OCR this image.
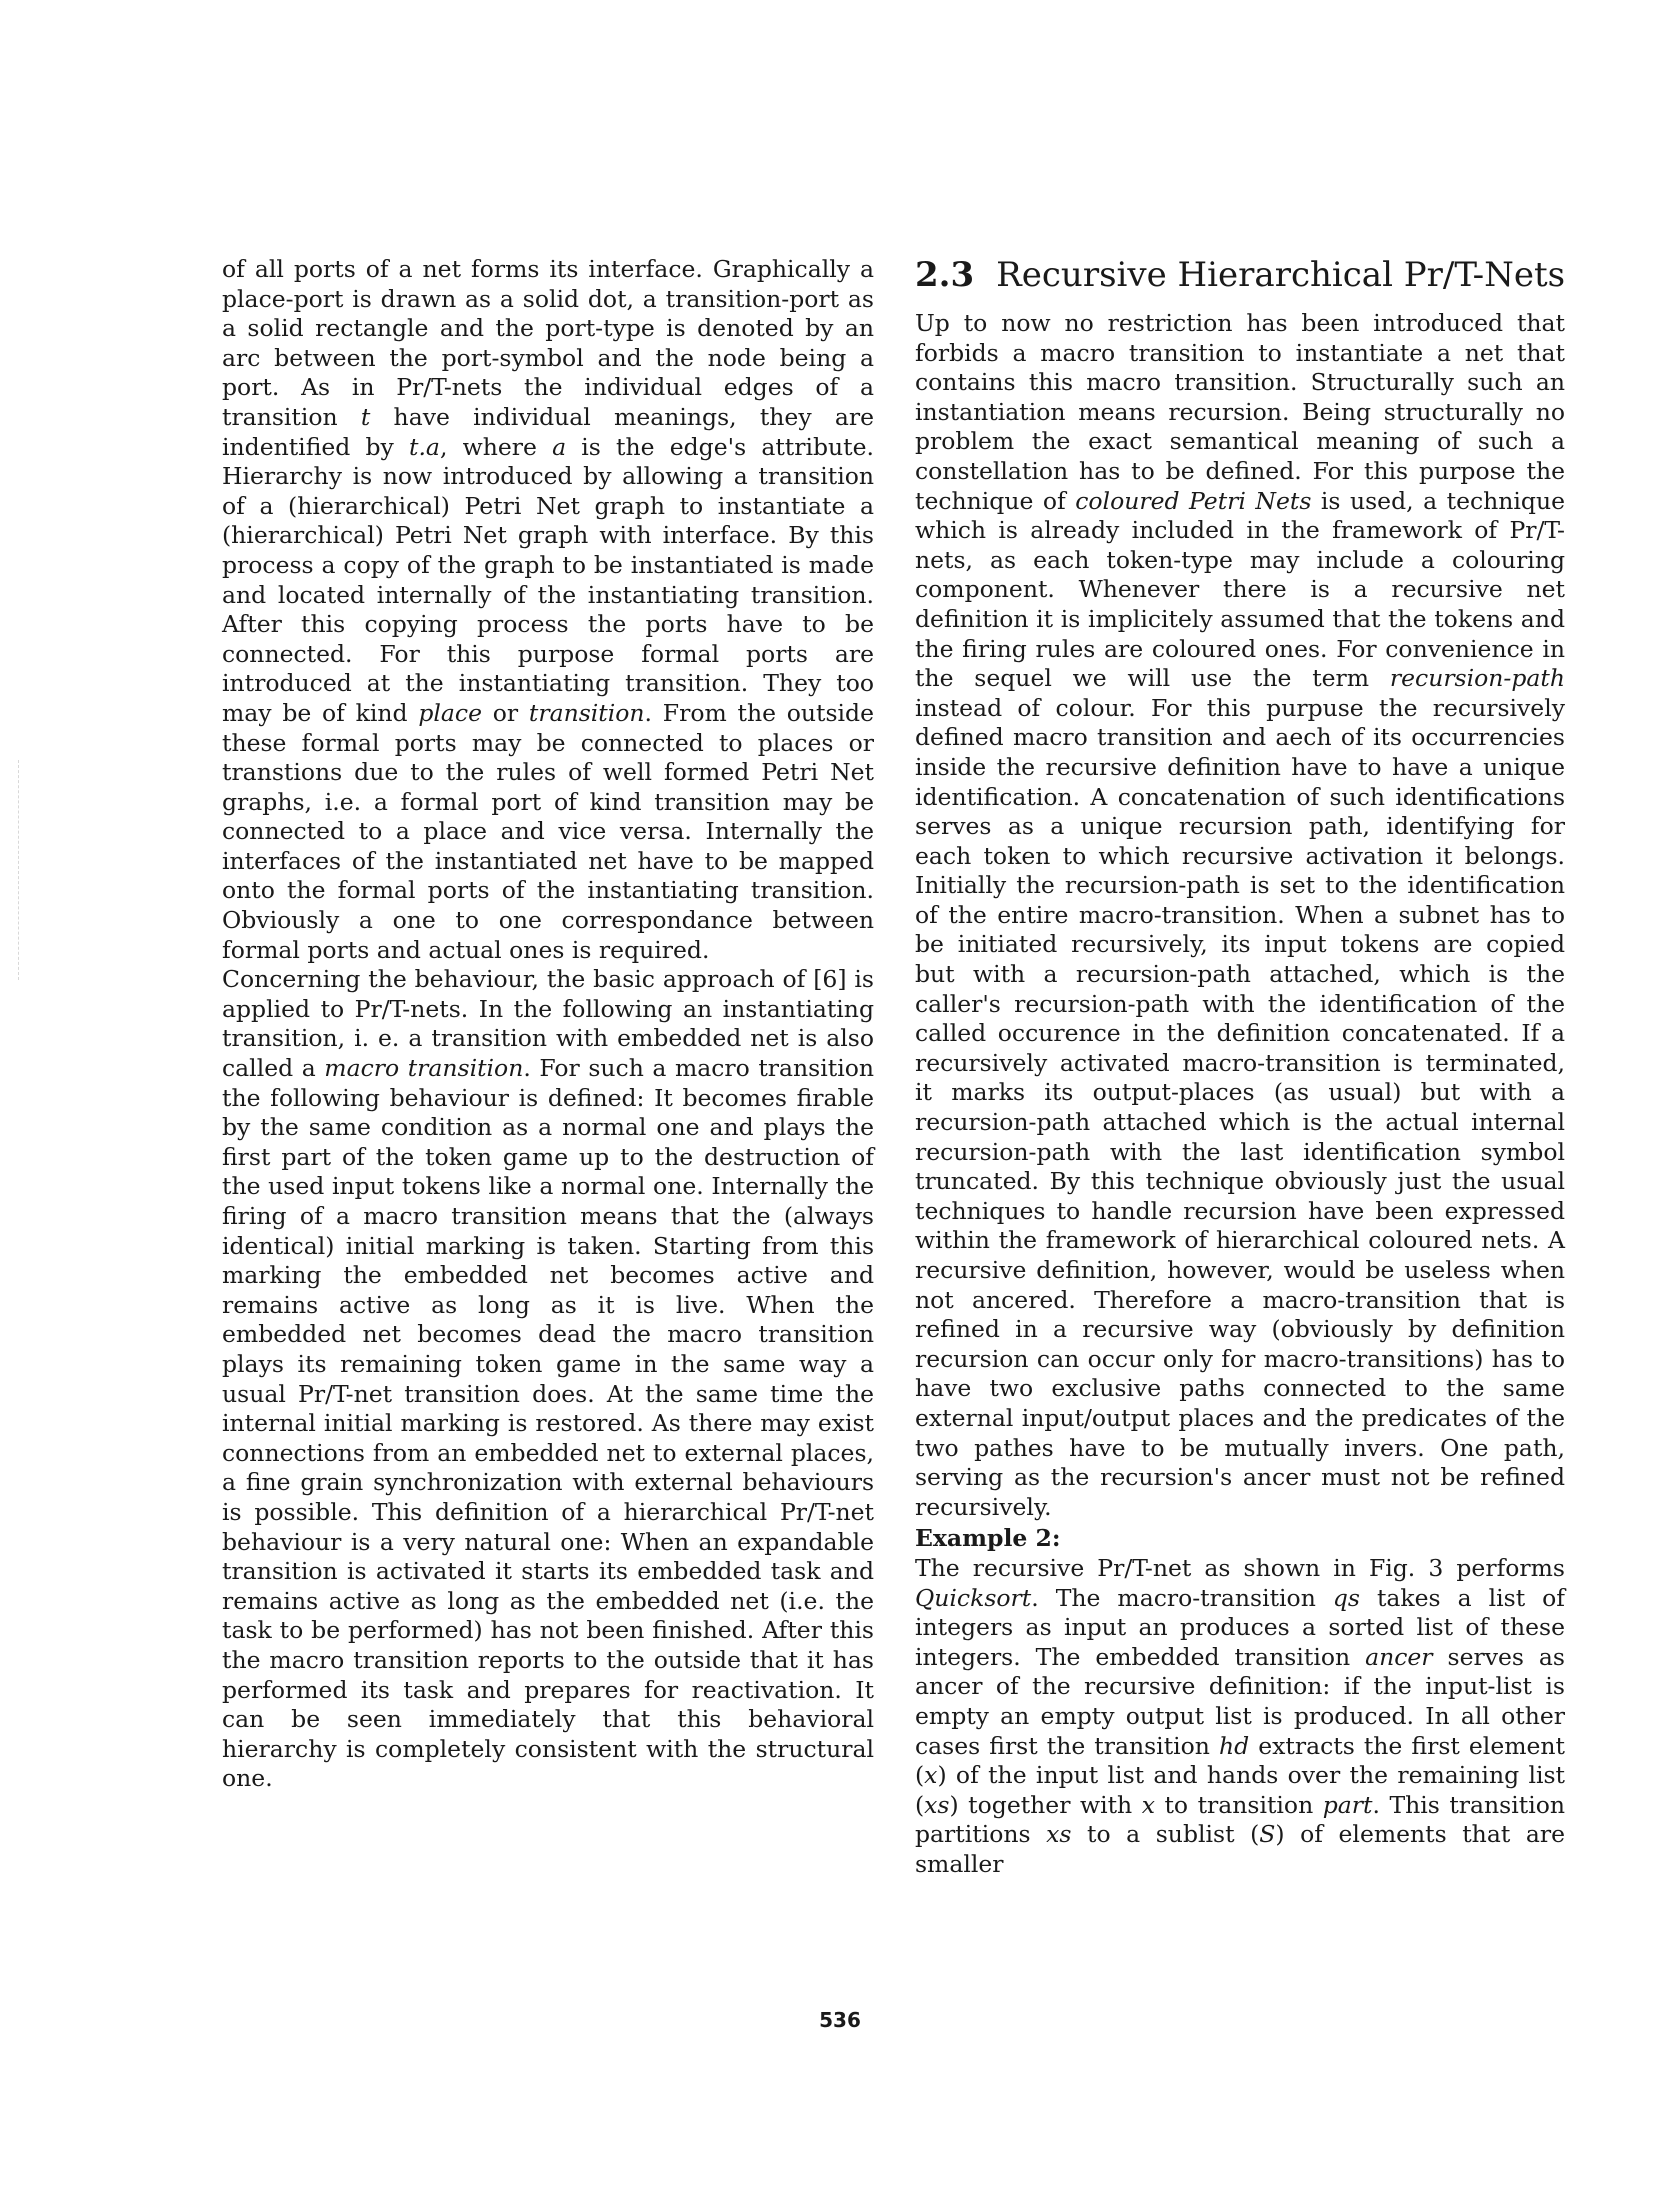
of all ports of a net forms its interface. Graphically a place-port is drawn as a solid dot, a transition-port as a solid rectangle and the port-type is denoted by an arc between the port-symbol and the node being a port. As in Pr/T-nets the individual edges of a transition t have individual meanings, they are indentified by t.a, where a is the edge's attribute. Hierarchy is now introduced by allowing a transition of a (hierarchical) Petri Net graph to instantiate a (hierarchical) Petri Net graph with interface. By this process a copy of the graph to be instantiated is made and located internally of the instantiating transition. After this copying process the ports have to be connected. For this purpose formal ports are introduced at the instantiating transition. They too may be of kind place or transition. From the outside these formal ports may be connected to places or transtions due to the rules of well formed Petri Net graphs, i.e. a formal port of kind transition may be connected to a place and vice versa. Internally the interfaces of the instantiated net have to be mapped onto the formal ports of the instantiating transition. Obviously a one to one correspondance between formal ports and actual ones is required.

Concerning the behaviour, the basic approach of [6] is applied to Pr/T-nets. In the following an instantiating transition, i. e. a transition with embedded net is also called a macro transition. For such a macro transition the following behaviour is defined: It becomes firable by the same condition as a normal one and plays the first part of the token game up to the destruction of the used input tokens like a normal one. Internally the firing of a macro transition means that the (always identical) initial marking is taken. Starting from this marking the embedded net becomes active and remains active as long as it is live. When the embedded net becomes dead the macro transition plays its remaining token game in the same way a usual Pr/T-net transition does. At the same time the internal initial marking is restored. As there may exist connections from an embedded net to external places, a fine grain synchronization with external behaviours is possible. This definition of a hierarchical Pr/T-net behaviour is a very natural one: When an expandable transition is activated it starts its embedded task and remains active as long as the embedded net (i.e. the task to be performed) has not been finished. After this the macro transition reports to the outside that it has performed its task and prepares for reactivation. It can be seen immediately that this behavioral hierarchy is completely consistent with the structural one.

2.3 Recursive Hierarchical Pr/T-Nets

Up to now no restriction has been introduced that forbids a macro transition to instantiate a net that contains this macro transition. Structurally such an instantiation means recursion. Being structurally no problem the exact semantical meaning of such a constellation has to be defined. For this purpose the technique of coloured Petri Nets is used, a technique which is already included in the framework of Pr/T-nets, as each token-type may include a colouring component. Whenever there is a recursive net definition it is implicitely assumed that the tokens and the firing rules are coloured ones. For convenience in the sequel we will use the term recursion-path instead of colour. For this purpuse the recursively defined macro transition and aech of its occurrencies inside the recursive definition have to have a unique identification. A concatenation of such identifications serves as a unique recursion path, identifying for each token to which recursive activation it belongs. Initially the recursion-path is set to the identification of the entire macro-transition. When a subnet has to be initiated recursively, its input tokens are copied but with a recursion-path attached, which is the caller's recursion-path with the identification of the called occurence in the definition concatenated. If a recursively activated macro-transition is terminated, it marks its output-places (as usual) but with a recursion-path attached which is the actual internal recursion-path with the last identification symbol truncated. By this technique obviously just the usual techniques to handle recursion have been expressed within the framework of hierarchical coloured nets. A recursive definition, however, would be useless when not ancered. Therefore a macro-transition that is refined in a recursive way (obviously by definition recursion can occur only for macro-transitions) has to have two exclusive paths connected to the same external input/output places and the predicates of the two pathes have to be mutually invers. One path, serving as the recursion's ancer must not be refined recursively.

Example 2:

The recursive Pr/T-net as shown in Fig. 3 performs Quicksort. The macro-transition qs takes a list of integers as input an produces a sorted list of these integers. The embedded transition ancer serves as ancer of the recursive definition: if the input-list is empty an empty output list is produced. In all other cases first the transition hd extracts the first element (x) of the input list and hands over the remaining list (xs) together with x to transition part. This transition partitions xs to a sublist (S) of elements that are smaller

536
